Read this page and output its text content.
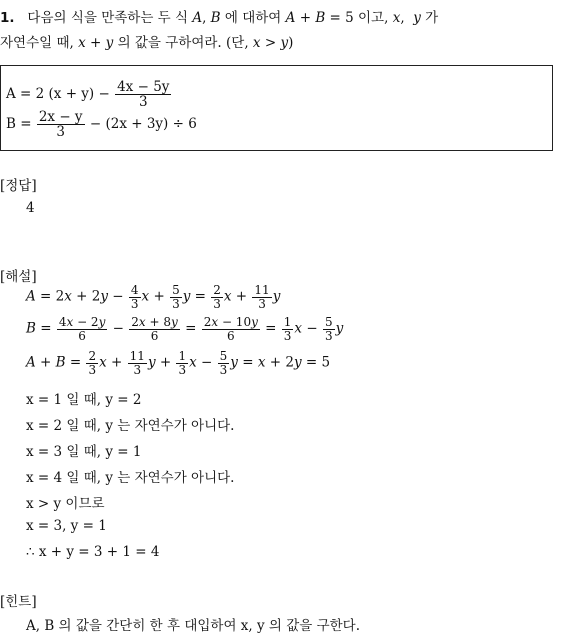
1. 다음의 식을 만족하는 두 식 A, B 에 대하여 A + B = 5 이고, x,  y 가
자연수일 때, x + y 의 값을 구하여라. (단, x > y)
A = 2 $(x + y) - \frac{4x - 5y}{3}$
$B = \frac{2x - y}{3} - (2x + 3y) \div 6$
[정답]
4
[해설]
$A = 2x + 2y - \frac{4}{3}$ $x + \frac{5}{3}$ $y = \frac{2}{3}$ $x + \frac{11}{3}$ y
$B = \frac{4x - 2y}{6} - \frac{2x + 8y}{6} = \frac{2x - 10y}{6} = \frac{1}{3}$ $x - \frac{5}{3}$ y
$A + B = \frac{2}{3}$ $x + \frac{11}{3}$ $y + \frac{1}{3}$ $x - \frac{5}{3}$ y = x + 2y = 5
x = 1 일 때, y = 2
x = 2 일 때, y 는 자연수가 아니다.
x = 3 일 때, y = 1
x = 4 일 때, y 는 자연수가 아니다.
x > y 이므로
x = 3, y = 1
∴ x + y = 3 + 1 = 4
[힌트]
A, B 의 값을 간단히 한 후 대입하여 x, y 의 값을 구한다.
